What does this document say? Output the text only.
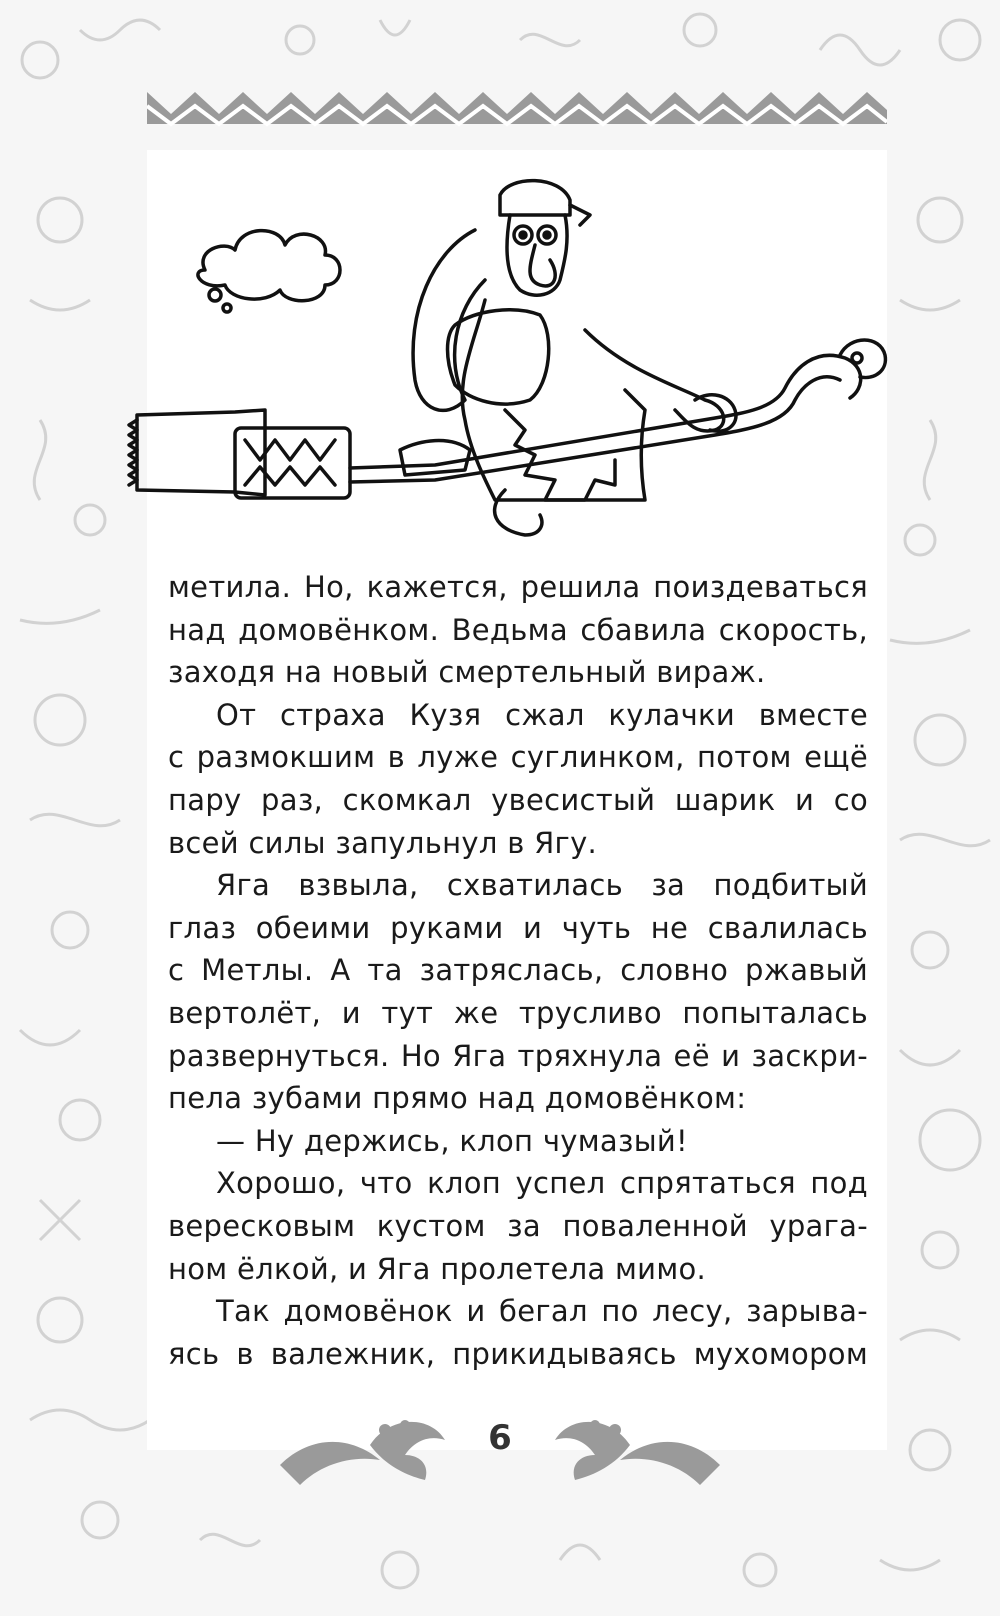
метила. Но, кажется, решила поиздеваться
над домовёнком. Ведьма сбавила скорость,
заходя на новый смертельный вираж.

От страха Кузя сжал кулачки вместе
с размокшим в луже суглинком, потом ещё
пару раз, скомкал увесистый шарик и со
всей силы запульнул в Ягу.

Яга взвыла, схватилась за подбитый
глаз обеими руками и чуть не свалилась
с Метлы. А та затряслась, словно ржавый
вертолёт, и тут же трусливо попыталась
развернуться. Но Яга тряхнула её и заскри-
пела зубами прямо над домовёнком:

— Ну держись, клоп чумазый!

Хорошо, что клоп успел спрятаться под
вересковым кустом за поваленной урага-
ном ёлкой, и Яга пролетела мимо.

Так домовёнок и бегал по лесу, зарыва-
ясь в валежник, прикидываясь мухомором

6
